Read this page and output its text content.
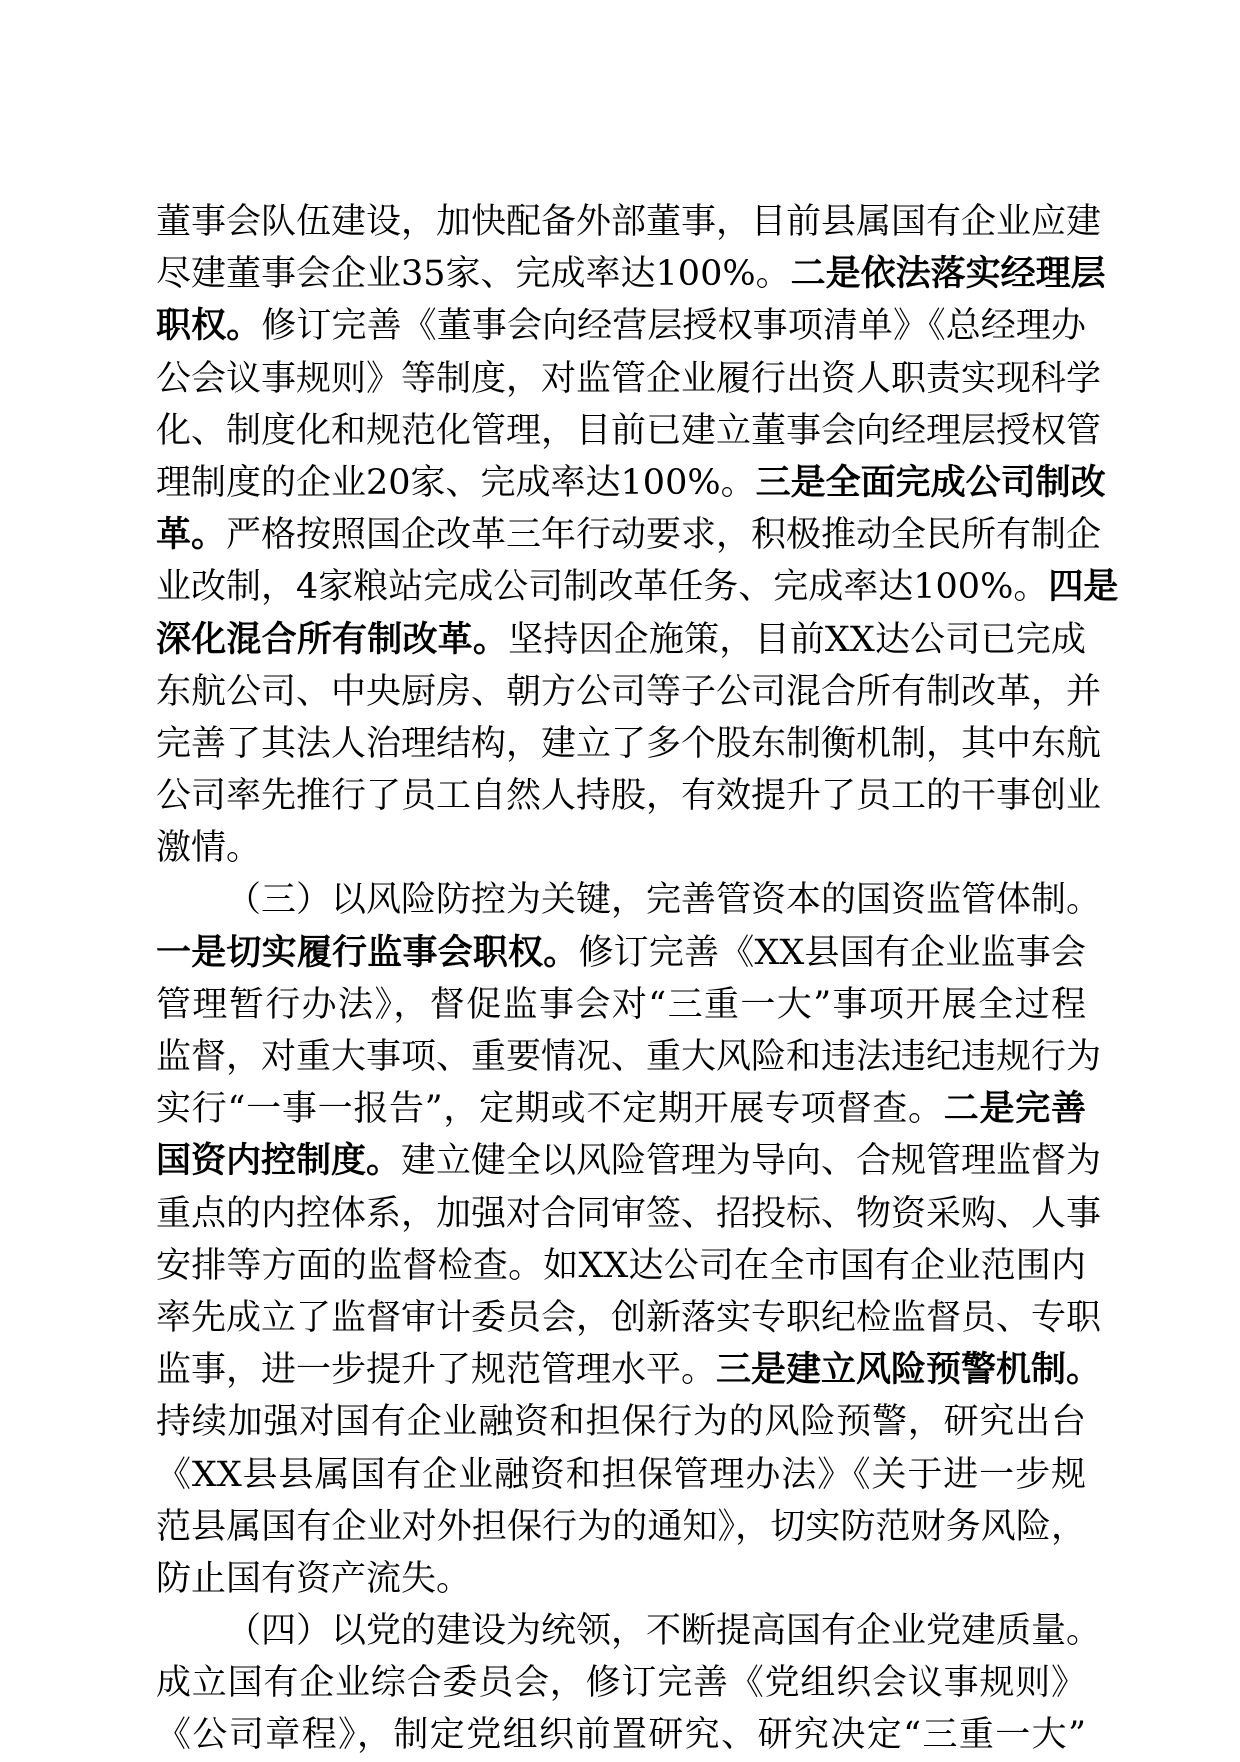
董事会队伍建设，加快配备外部董事，目前县属国有企业应建
尽建董事会企业35家、完成率达100%。二是依法落实经理层
职权。修订完善《董事会向经营层授权事项清单》《总经理办
公会议事规则》等制度，对监管企业履行出资人职责实现科学
化、制度化和规范化管理，目前已建立董事会向经理层授权管
理制度的企业20家、完成率达100%。三是全面完成公司制改
革。严格按照国企改革三年行动要求，积极推动全民所有制企
业改制，4家粮站完成公司制改革任务、完成率达100%。四是
深化混合所有制改革。坚持因企施策，目前XX达公司已完成
东航公司、中央厨房、朝方公司等子公司混合所有制改革，并
完善了其法人治理结构，建立了多个股东制衡机制，其中东航
公司率先推行了员工自然人持股，有效提升了员工的干事创业
激情。
（三）以风险防控为关键，完善管资本的国资监管体制。
一是切实履行监事会职权。修订完善《XX县国有企业监事会
管理暂行办法》，督促监事会对“三重一大”事项开展全过程
监督，对重大事项、重要情况、重大风险和违法违纪违规行为
实行“一事一报告”，定期或不定期开展专项督查。二是完善
国资内控制度。建立健全以风险管理为导向、合规管理监督为
重点的内控体系，加强对合同审签、招投标、物资采购、人事
安排等方面的监督检查。如XX达公司在全市国有企业范围内
率先成立了监督审计委员会，创新落实专职纪检监督员、专职
监事，进一步提升了规范管理水平。三是建立风险预警机制。
持续加强对国有企业融资和担保行为的风险预警，研究出台
《XX县县属国有企业融资和担保管理办法》《关于进一步规
范县属国有企业对外担保行为的通知》，切实防范财务风险，
防止国有资产流失。
（四）以党的建设为统领，不断提高国有企业党建质量。
成立国有企业综合委员会，修订完善《党组织会议事规则》
《公司章程》，制定党组织前置研究、研究决定“三重一大”
